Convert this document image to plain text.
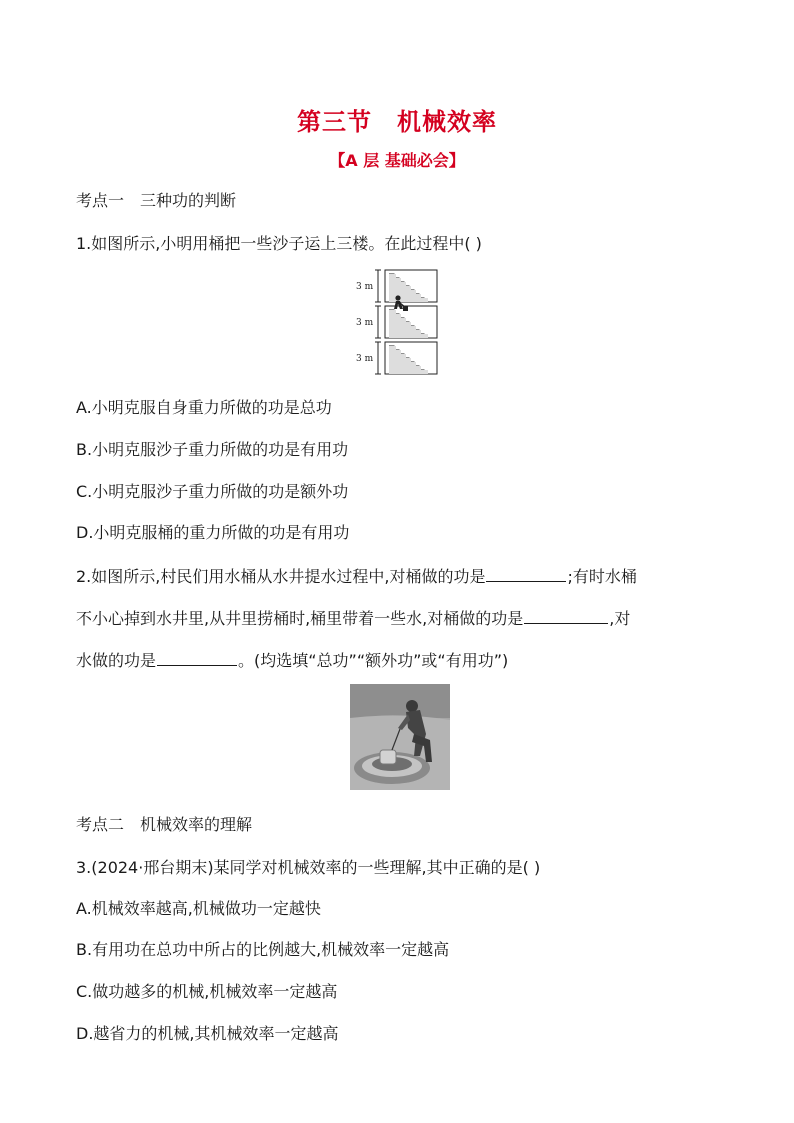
第三节　机械效率
【A 层 基础必会】
考点一　三种功的判断
1.如图所示,小明用桶把一些沙子运上三楼。在此过程中( )
3 m
3 m
3 m
A.小明克服自身重力所做的功是总功
B.小明克服沙子重力所做的功是有用功
C.小明克服沙子重力所做的功是额外功
D.小明克服桶的重力所做的功是有用功
2.如图所示,村民们用水桶从水井提水过程中,对桶做的功是	;有时水桶
不小心掉到水井里,从井里捞桶时,桶里带着一些水,对桶做的功是	,对
水做的功是	。(均选填“总功”“额外功”或“有用功”)
考点二　机械效率的理解
3.(2024·邢台期末)某同学对机械效率的一些理解,其中正确的是( )
A.机械效率越高,机械做功一定越快
B.有用功在总功中所占的比例越大,机械效率一定越高
C.做功越多的机械,机械效率一定越高
D.越省力的机械,其机械效率一定越高
